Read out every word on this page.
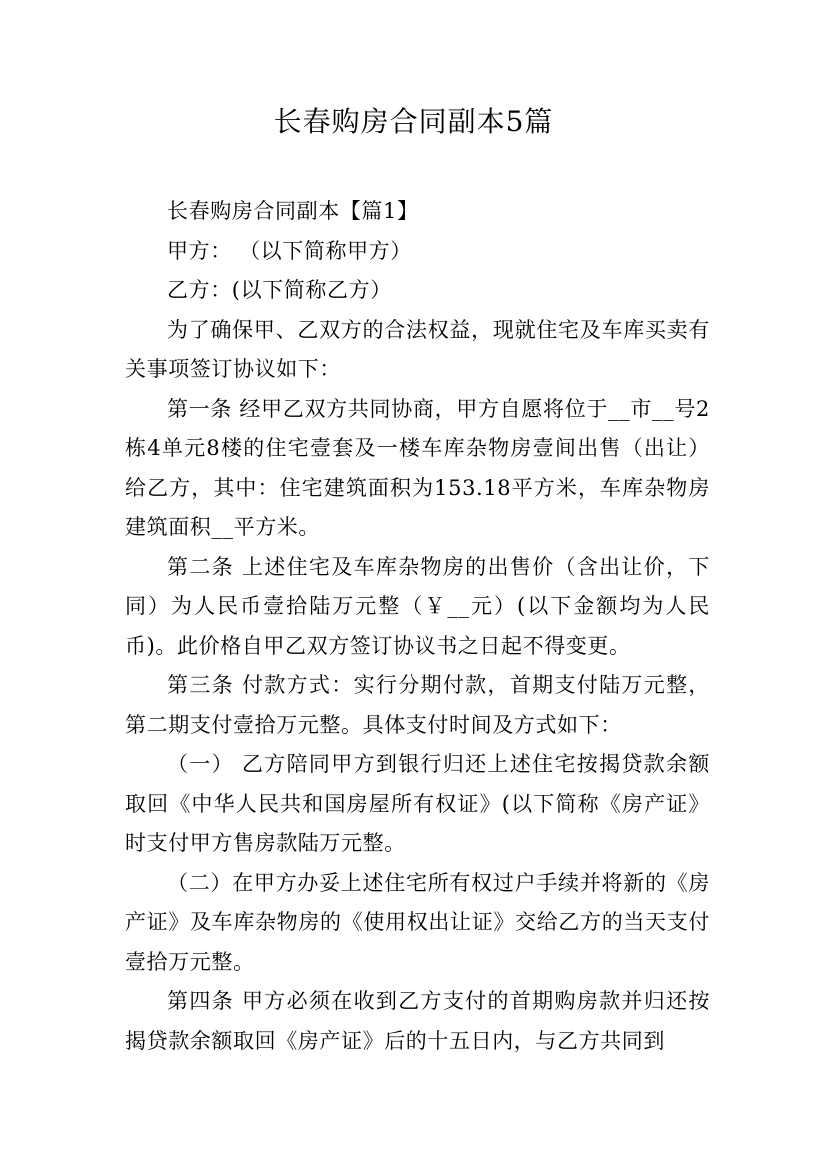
长春购房合同副本5篇

长春购房合同副本【篇1】

甲方： （以下简称甲方）

乙方：(以下简称乙方）

为了确保甲、乙双方的合法权益，现就住宅及车库买卖有关事项签订协议如下：

第一条 经甲乙双方共同协商，甲方自愿将位于__市__号2栋4单元8楼的住宅壹套及一楼车库杂物房壹间出售（出让）给乙方，其中：住宅建筑面积为153.18平方米，车库杂物房建筑面积__平方米。

第二条 上述住宅及车库杂物房的出售价（含出让价，下同）为人民币壹拾陆万元整（￥__元）(以下金额均为人民币)。此价格自甲乙双方签订协议书之日起不得变更。

第三条 付款方式：实行分期付款，首期支付陆万元整，第二期支付壹拾万元整。具体支付时间及方式如下：

（一） 乙方陪同甲方到银行归还上述住宅按揭贷款余额取回《中华人民共和国房屋所有权证》(以下简称《房产证》时支付甲方售房款陆万元整。

（二）在甲方办妥上述住宅所有权过户手续并将新的《房产证》及车库杂物房的《使用权出让证》交给乙方的当天支付壹拾万元整。

第四条 甲方必须在收到乙方支付的首期购房款并归还按揭贷款余额取回《房产证》后的十五日内，与乙方共同到
